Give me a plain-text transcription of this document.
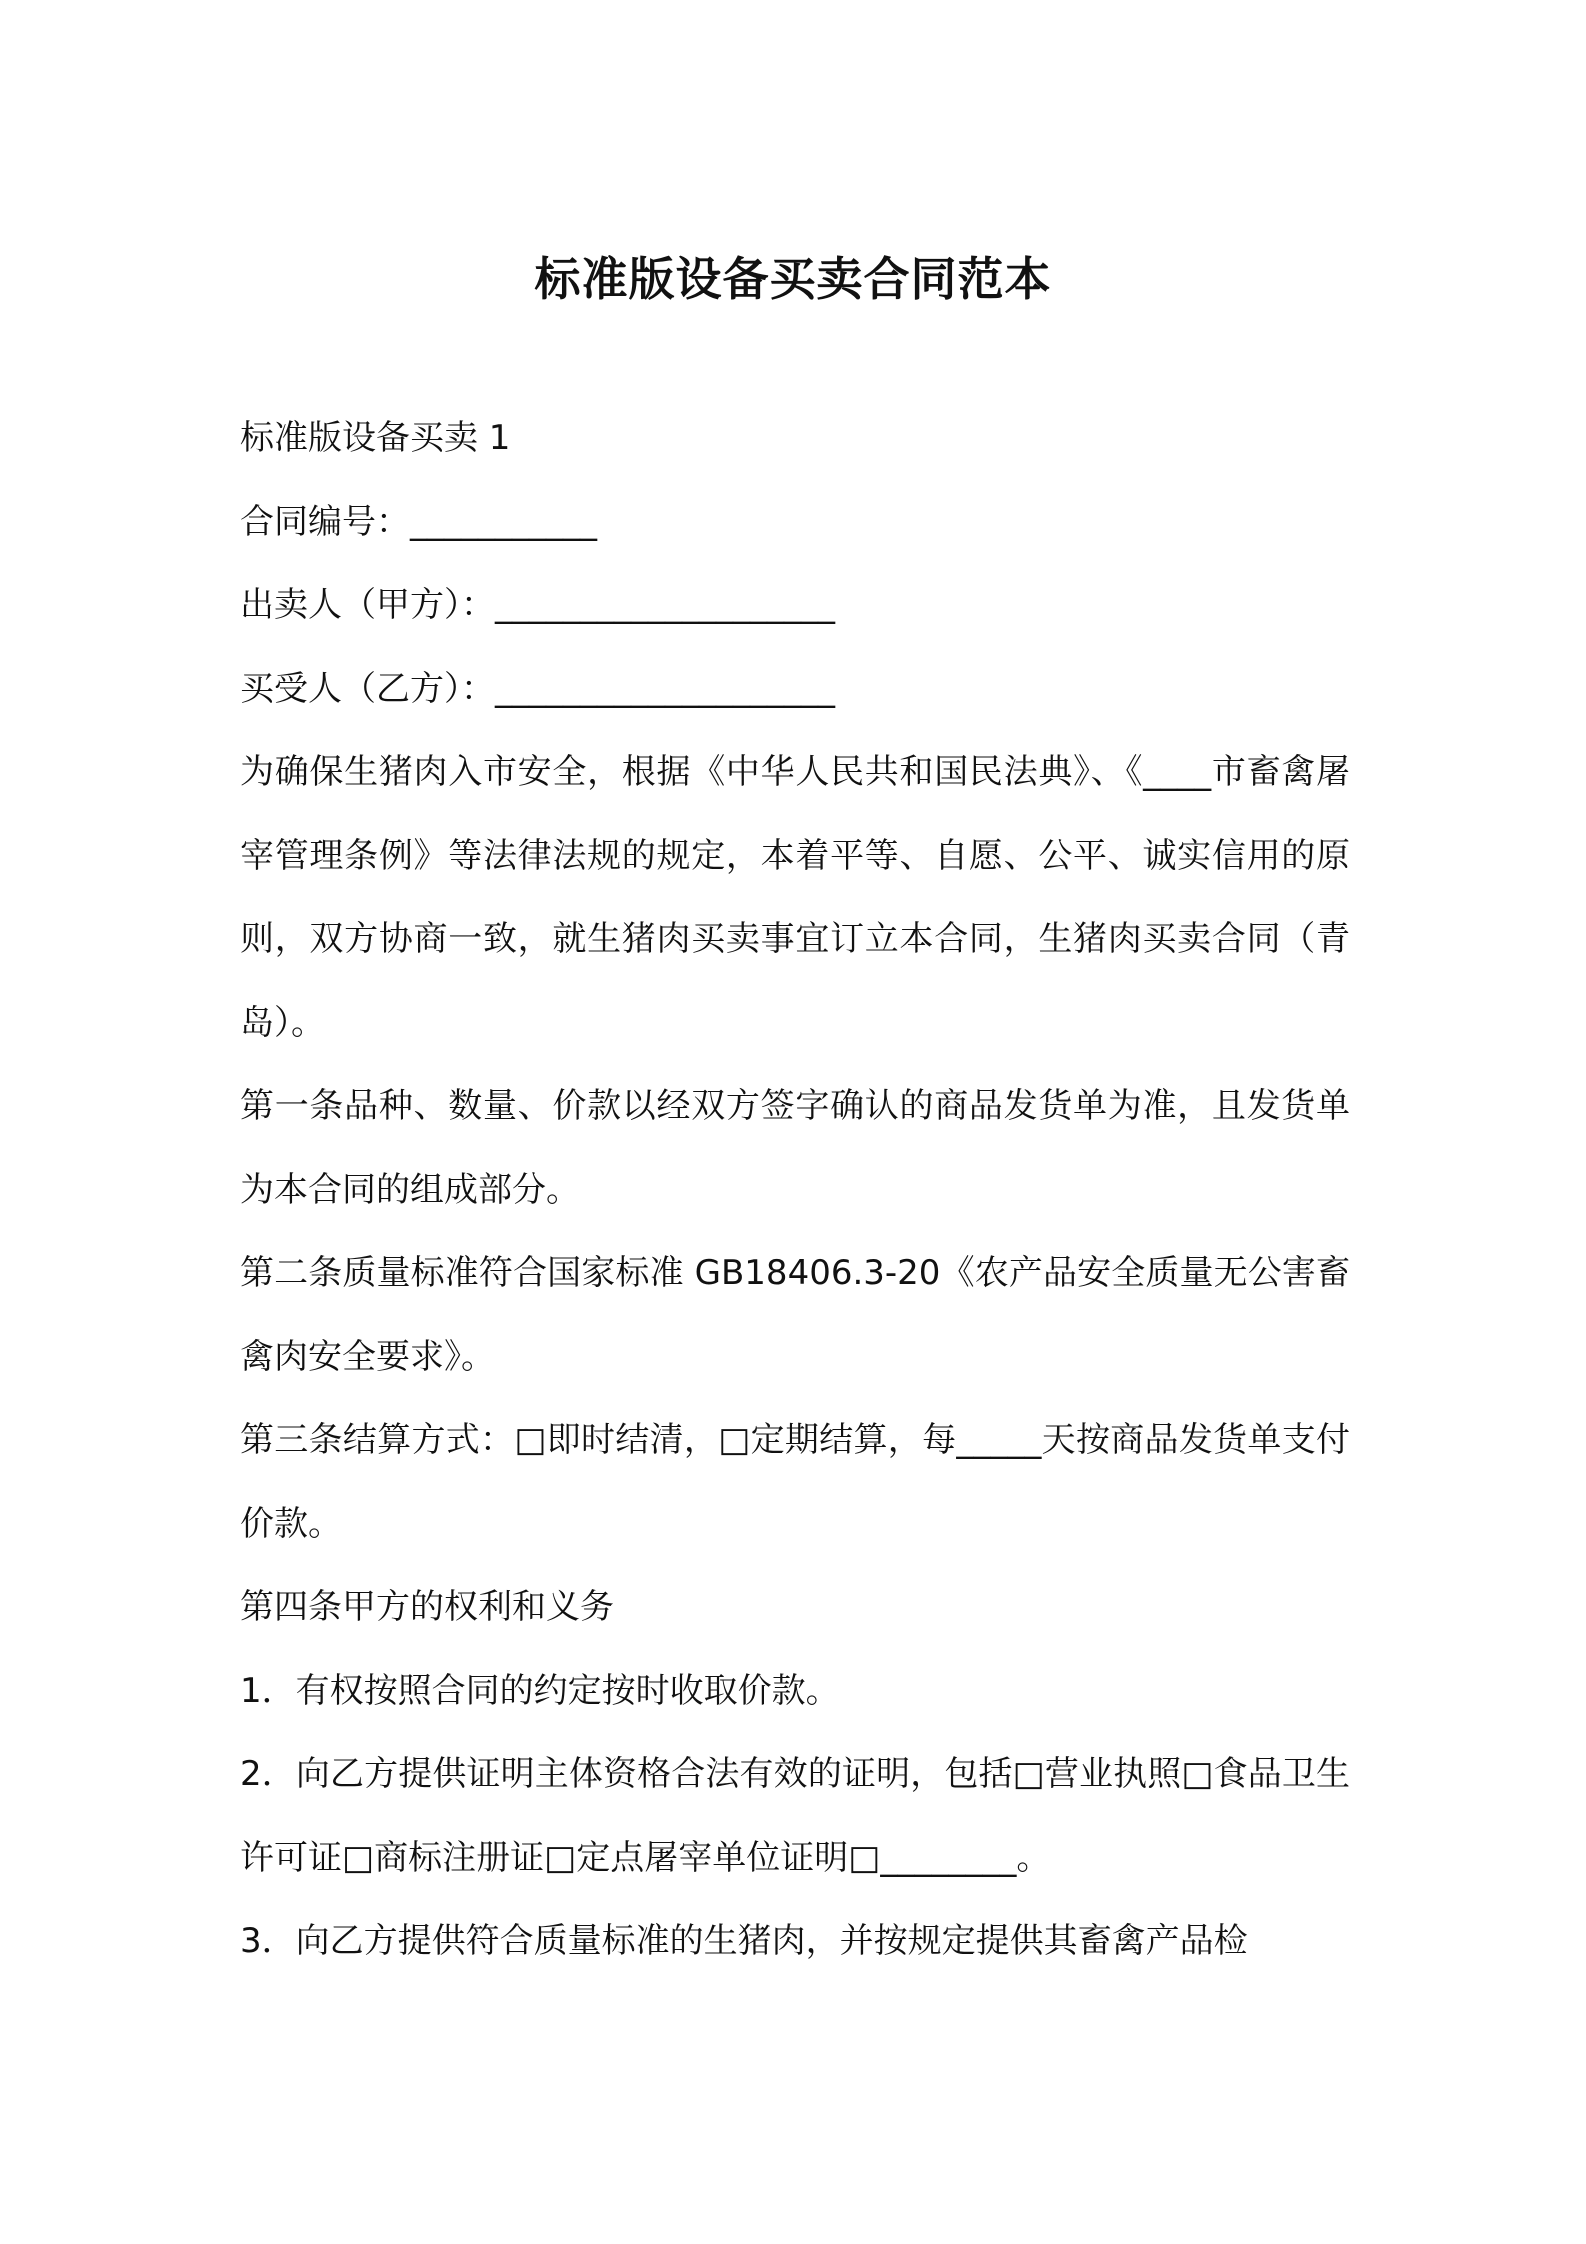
标准版设备买卖合同范本

标准版设备买卖 1

合同编号：___________

出卖人（甲方）：____________________

买受人（乙方）：____________________

为确保生猪肉入市安全，根据《中华人民共和国民法典》、《____市畜禽屠宰管理条例》等法律法规的规定，本着平等、自愿、公平、诚实信用的原则，双方协商一致，就生猪肉买卖事宜订立本合同，生猪肉买卖合同（青岛）。

第一条品种、数量、价款以经双方签字确认的商品发货单为准，且发货单为本合同的组成部分。

第二条质量标准符合国家标准 GB18406.3-20《农产品安全质量无公害畜禽肉安全要求》。

第三条结算方式：□即时结清，□定期结算，每_____天按商品发货单支付价款。

第四条甲方的权利和义务

1．有权按照合同的约定按时收取价款。

2．向乙方提供证明主体资格合法有效的证明，包括□营业执照□食品卫生许可证□商标注册证□定点屠宰单位证明□________。

3．向乙方提供符合质量标准的生猪肉，并按规定提供其畜禽产品检
